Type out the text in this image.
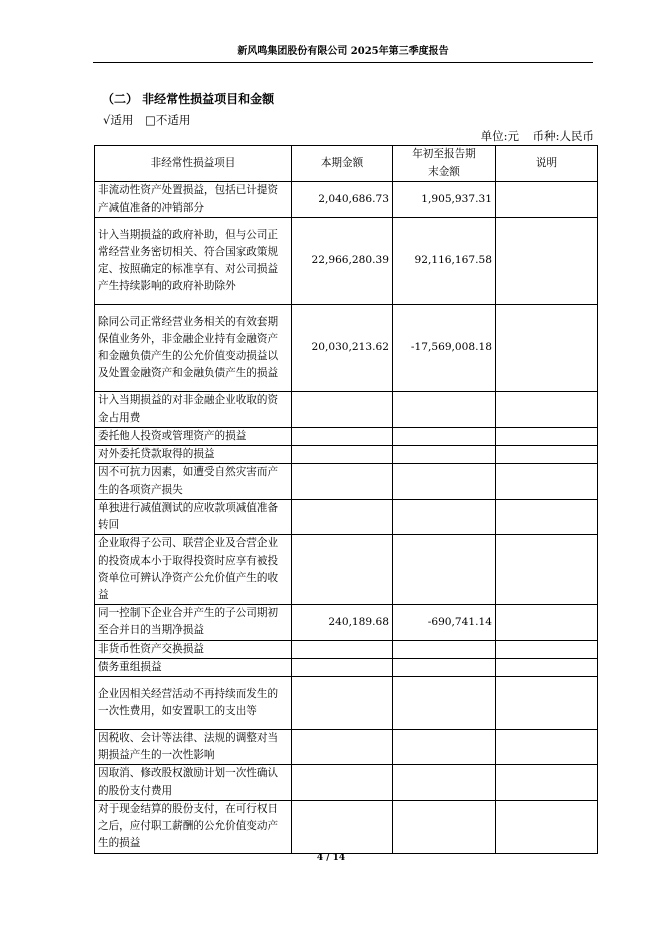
新风鸣集团股份有限公司 2025年第三季度报告
（二） 非经常性损益项目和金额
√适用 □不适用
单位:元 币种:人民币
非经常性损益项目	本期金额	年初至报告期末金额	说明
非流动性资产处置损益，包括已计提资产减值准备的冲销部分	2,040,686.73	1,905,937.31	
计入当期损益的政府补助，但与公司正常经营业务密切相关、符合国家政策规定、按照确定的标准享有、对公司损益产生持续影响的政府补助除外	22,966,280.39	92,116,167.58	
除同公司正常经营业务相关的有效套期保值业务外，非金融企业持有金融资产和金融负债产生的公允价值变动损益以及处置金融资产和金融负债产生的损益	20,030,213.62	-17,569,008.18	
计入当期损益的对非金融企业收取的资金占用费			
委托他人投资或管理资产的损益			
对外委托贷款取得的损益			
因不可抗力因素，如遭受自然灾害而产生的各项资产损失			
单独进行减值测试的应收款项减值准备转回			
企业取得子公司、联营企业及合营企业的投资成本小于取得投资时应享有被投资单位可辨认净资产公允价值产生的收益			
同一控制下企业合并产生的子公司期初至合并日的当期净损益	240,189.68	-690,741.14	
非货币性资产交换损益			
债务重组损益			
企业因相关经营活动不再持续而发生的一次性费用，如安置职工的支出等			
因税收、会计等法律、法规的调整对当期损益产生的一次性影响			
因取消、修改股权激励计划一次性确认的股份支付费用			
对于现金结算的股份支付，在可行权日之后，应付职工薪酬的公允价值变动产生的损益			
4 / 14
